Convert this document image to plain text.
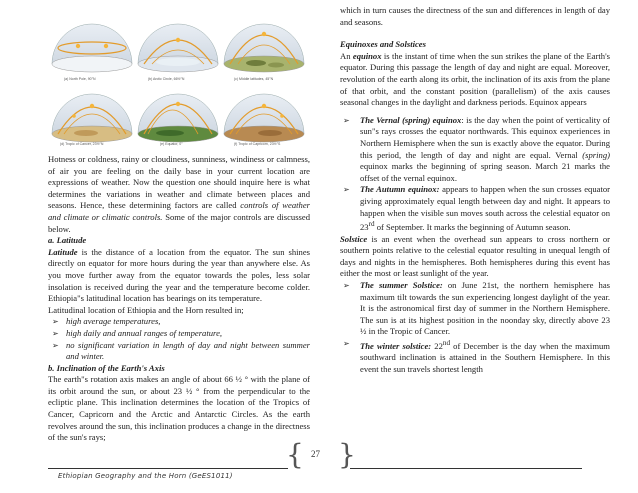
(a) North Pole, 90°N	(b) Arctic Circle, 66½°N	(c) Middle latitudes, 45°N
(d) Tropic of Cancer, 23½°N	(e) Equator, 0°	(f) Tropic of Capricorn, 23½°S

Hotness or coldness, rainy or cloudiness, sunniness, windiness or calmness, of air you are feeling on the daily base in your current location are expressions of weather. Now the question one should inquire here is what determines the variations in weather and climate between places and seasons. Hence, these determining factors are called controls of weather and climate or climatic controls. Some of the major controls are discussed below.

a. Latitude

Latitude is the distance of a location from the equator. The sun shines directly on equator for more hours during the year than anywhere else. As you move further away from the equator towards the poles, less solar insolation is received during the year and the temperature become colder. Ethiopia"s latitudinal location has bearings on its temperature.

Latitudinal location of Ethiopia and the Horn resulted in;

➢ high average temperatures,

➢ high daily and annual ranges of temperature,

➢ no significant variation in length of day and night between summer and winter.

b. Inclination of the Earth's Axis

The earth"s rotation axis makes an angle of about 66 ½ ° with the plane of its orbit around the sun, or about 23 ½ ° from the perpendicular to the ecliptic plane. This inclination determines the location of the Tropics of Cancer, Capricorn and the Arctic and Antarctic Circles. As the earth revolves around the sun, this inclination produces a change in the directness of the sun's rays;

which in turn causes the directness of the sun and differences in length of day and seasons.

Equinoxes and Solstices

An equinox is the instant of time when the sun strikes the plane of the Earth's equator. During this passage the length of day and night are equal. Moreover, revolution of the earth along its orbit, the inclination of its axis from the plane of that orbit, and the constant position (parallelism) of the axis causes seasonal changes in the daylight and darkness periods. Equinox appears

➢ The Vernal (spring) equinox: is the day when the point of verticality of sun"s rays crosses the equator northwards. This equinox experiences in Northern Hemisphere when the sun is exactly above the equator. During this period, the length of day and night are equal. Vernal (spring) equinox marks the beginning of spring season. March 21 marks the offset of the vernal equinox.

➢ The Autumn equinox: appears to happen when the sun crosses equator giving approximately equal length between day and night. It appears to happen when the visible sun moves south across the celestial equator on 23rd of September. It marks the beginning of Autumn season.

Solstice is an event when the overhead sun appears to cross northern or southern points relative to the celestial equator resulting in unequal length of days and nights in the hemispheres. Both hemispheres during this event has either the most or least sunlight of the year.

➢ The summer Solstice: on June 21st, the northern hemisphere has maximum tilt towards the sun experiencing longest daylight of the year. It is the astronomical first day of summer in the Northern Hemisphere. The sun is at its highest position in the noonday sky, directly above 23 ½ in the Tropic of Cancer.

➢ The winter solstice: 22nd of December is the day when the maximum southward inclination is attained in the Southern Hemisphere. In this event the sun travels shortest length

{ 27 }
Ethiopian Geography and the Horn (GeES1011)
